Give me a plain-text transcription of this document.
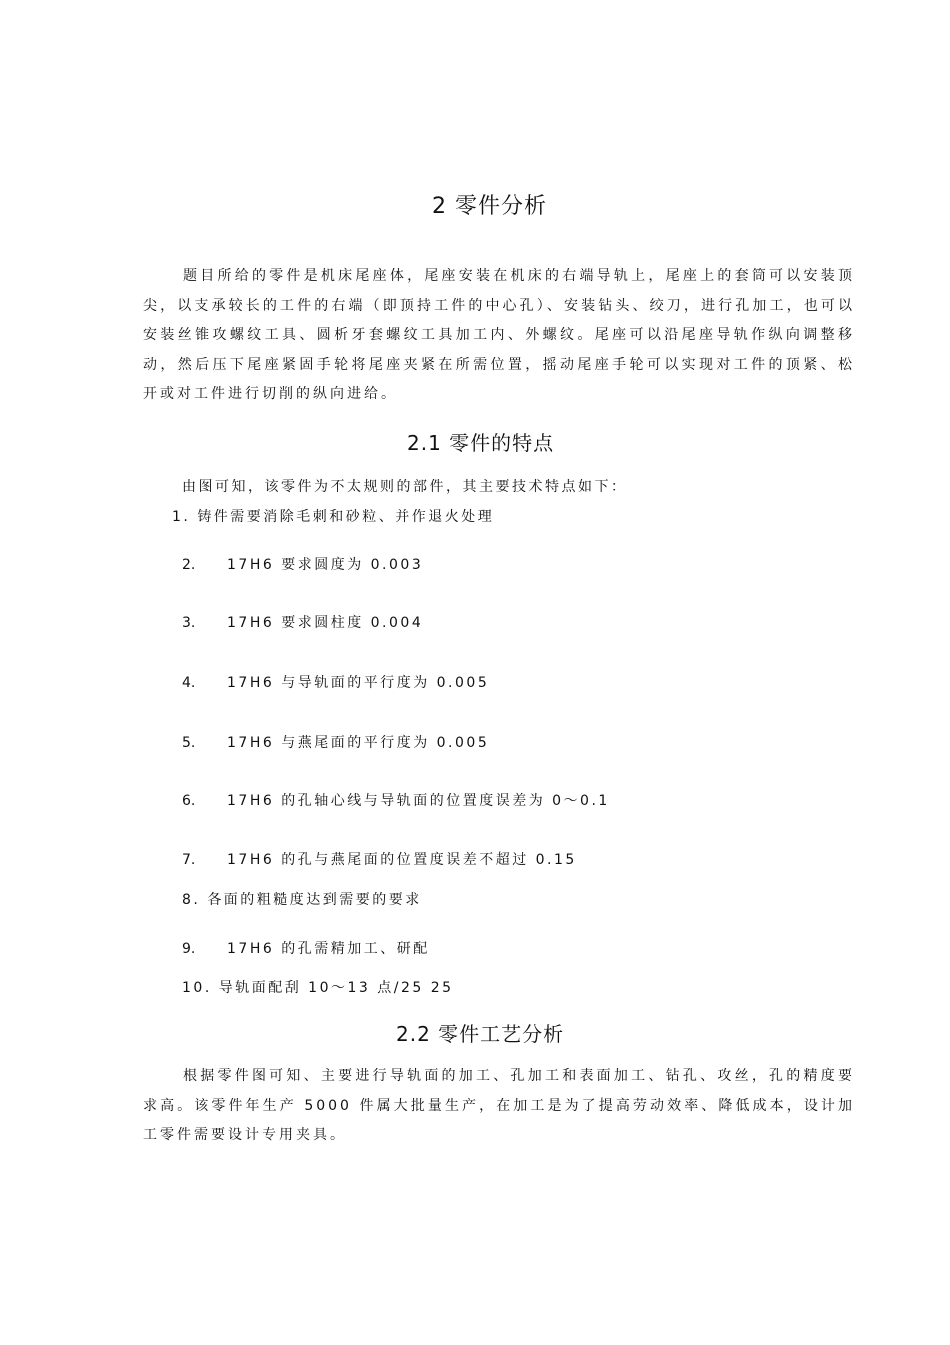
2 零件分析

题目所给的零件是机床尾座体，尾座安装在机床的右端导轨上，尾座上的套筒可以安装顶尖，以支承较长的工件的右端（即顶持工件的中心孔）、安装钻头、绞刀，进行孔加工，也可以安装丝锥攻螺纹工具、圆析牙套螺纹工具加工内、外螺纹。尾座可以沿尾座导轨作纵向调整移动，然后压下尾座紧固手轮将尾座夹紧在所需位置，摇动尾座手轮可以实现对工件的顶紧、松开或对工件进行切削的纵向进给。

2.1 零件的特点
由图可知，该零件为不太规则的部件，其主要技术特点如下：
1. 铸件需要消除毛刺和砂粒、并作退火处理
2. 17H6 要求圆度为 0.003
3. 17H6 要求圆柱度 0.004
4. 17H6 与导轨面的平行度为 0.005
5. 17H6 与燕尾面的平行度为 0.005
6. 17H6 的孔轴心线与导轨面的位置度误差为 0～0.1
7. 17H6 的孔与燕尾面的位置度误差不超过 0.15
8. 各面的粗糙度达到需要的要求
9. 17H6 的孔需精加工、研配
10. 导轨面配刮 10～13 点/25 25
2.2 零件工艺分析

根据零件图可知、主要进行导轨面的加工、孔加工和表面加工、钻孔、攻丝，孔的精度要求高。该零件年生产 5000 件属大批量生产，在加工是为了提高劳动效率、降低成本，设计加工零件需要设计专用夹具。
